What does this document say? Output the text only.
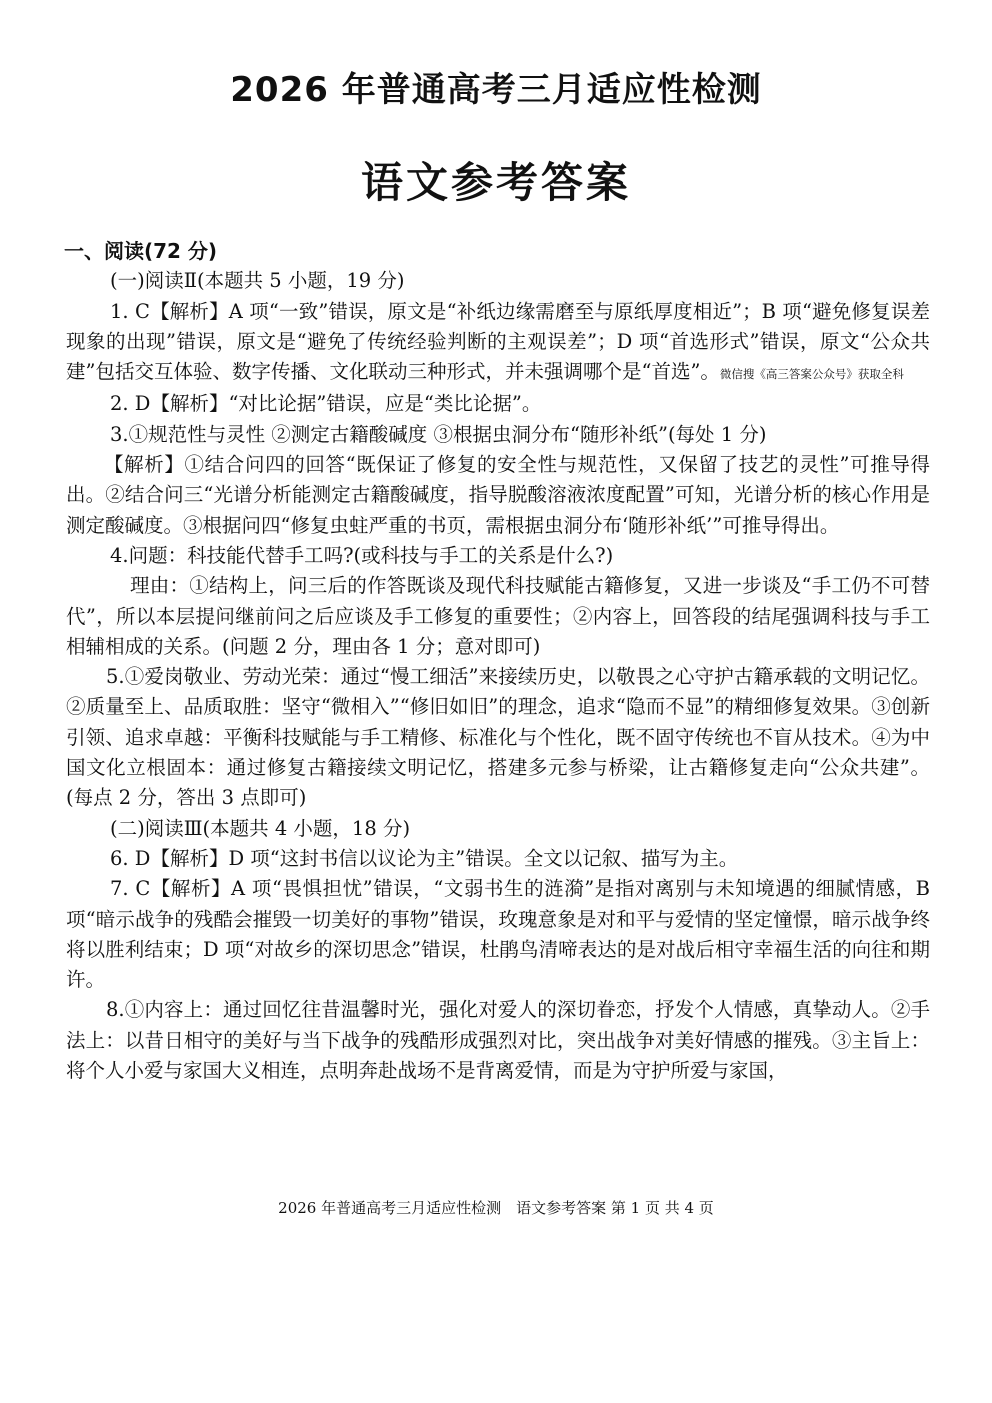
2026 年普通高考三月适应性检测
语文参考答案
一、阅读(72 分)

(一)阅读Ⅱ(本题共 5 小题，19 分)

1. C【解析】A 项“一致”错误，原文是“补纸边缘需磨至与原纸厚度相近”；B 项“避免修复误差现象的出现”错误，原文是“避免了传统经验判断的主观误差”；D 项“首选形式”错误，原文“公众共建”包括交互体验、数字传播、文化联动三种形式，并未强调哪个是“首选”。微信搜《高三答案公众号》获取全科

2. D【解析】“对比论据”错误，应是“类比论据”。

3.①规范性与灵性 ②测定古籍酸碱度 ③根据虫洞分布“随形补纸”(每处 1 分)

【解析】①结合问四的回答“既保证了修复的安全性与规范性，又保留了技艺的灵性”可推导得出。②结合问三“光谱分析能测定古籍酸碱度，指导脱酸溶液浓度配置”可知，光谱分析的核心作用是测定酸碱度。③根据问四“修复虫蛀严重的书页，需根据虫洞分布‘随形补纸’”可推导得出。

4.问题：科技能代替手工吗?(或科技与手工的关系是什么?)

理由：①结构上，问三后的作答既谈及现代科技赋能古籍修复，又进一步谈及“手工仍不可替代”，所以本层提问继前问之后应谈及手工修复的重要性；②内容上，回答段的结尾强调科技与手工相辅相成的关系。(问题 2 分，理由各 1 分；意对即可)

5.①爱岗敬业、劳动光荣：通过“慢工细活”来接续历史，以敬畏之心守护古籍承载的文明记忆。②质量至上、品质取胜：坚守“微相入”“修旧如旧”的理念，追求“隐而不显”的精细修复效果。③创新引领、追求卓越：平衡科技赋能与手工精修、标准化与个性化，既不固守传统也不盲从技术。④为中国文化立根固本：通过修复古籍接续文明记忆，搭建多元参与桥梁，让古籍修复走向“公众共建”。(每点 2 分，答出 3 点即可)

(二)阅读Ⅲ(本题共 4 小题，18 分)

6. D【解析】D 项“这封书信以议论为主”错误。全文以记叙、描写为主。

7. C【解析】A 项“畏惧担忧”错误，“文弱书生的涟漪”是指对离别与未知境遇的细腻情感，B 项“暗示战争的残酷会摧毁一切美好的事物”错误，玫瑰意象是对和平与爱情的坚定憧憬，暗示战争终将以胜利结束；D 项“对故乡的深切思念”错误，杜鹃鸟清啼表达的是对战后相守幸福生活的向往和期许。

8.①内容上：通过回忆往昔温馨时光，强化对爱人的深切眷恋，抒发个人情感，真挚动人。②手法上：以昔日相守的美好与当下战争的残酷形成强烈对比，突出战争对美好情感的摧残。③主旨上：将个人小爱与家国大义相连，点明奔赴战场不是背离爱情，而是为守护所爱与家国，

2026 年普通高考三月适应性检测　语文参考答案 第 1 页 共 4 页
